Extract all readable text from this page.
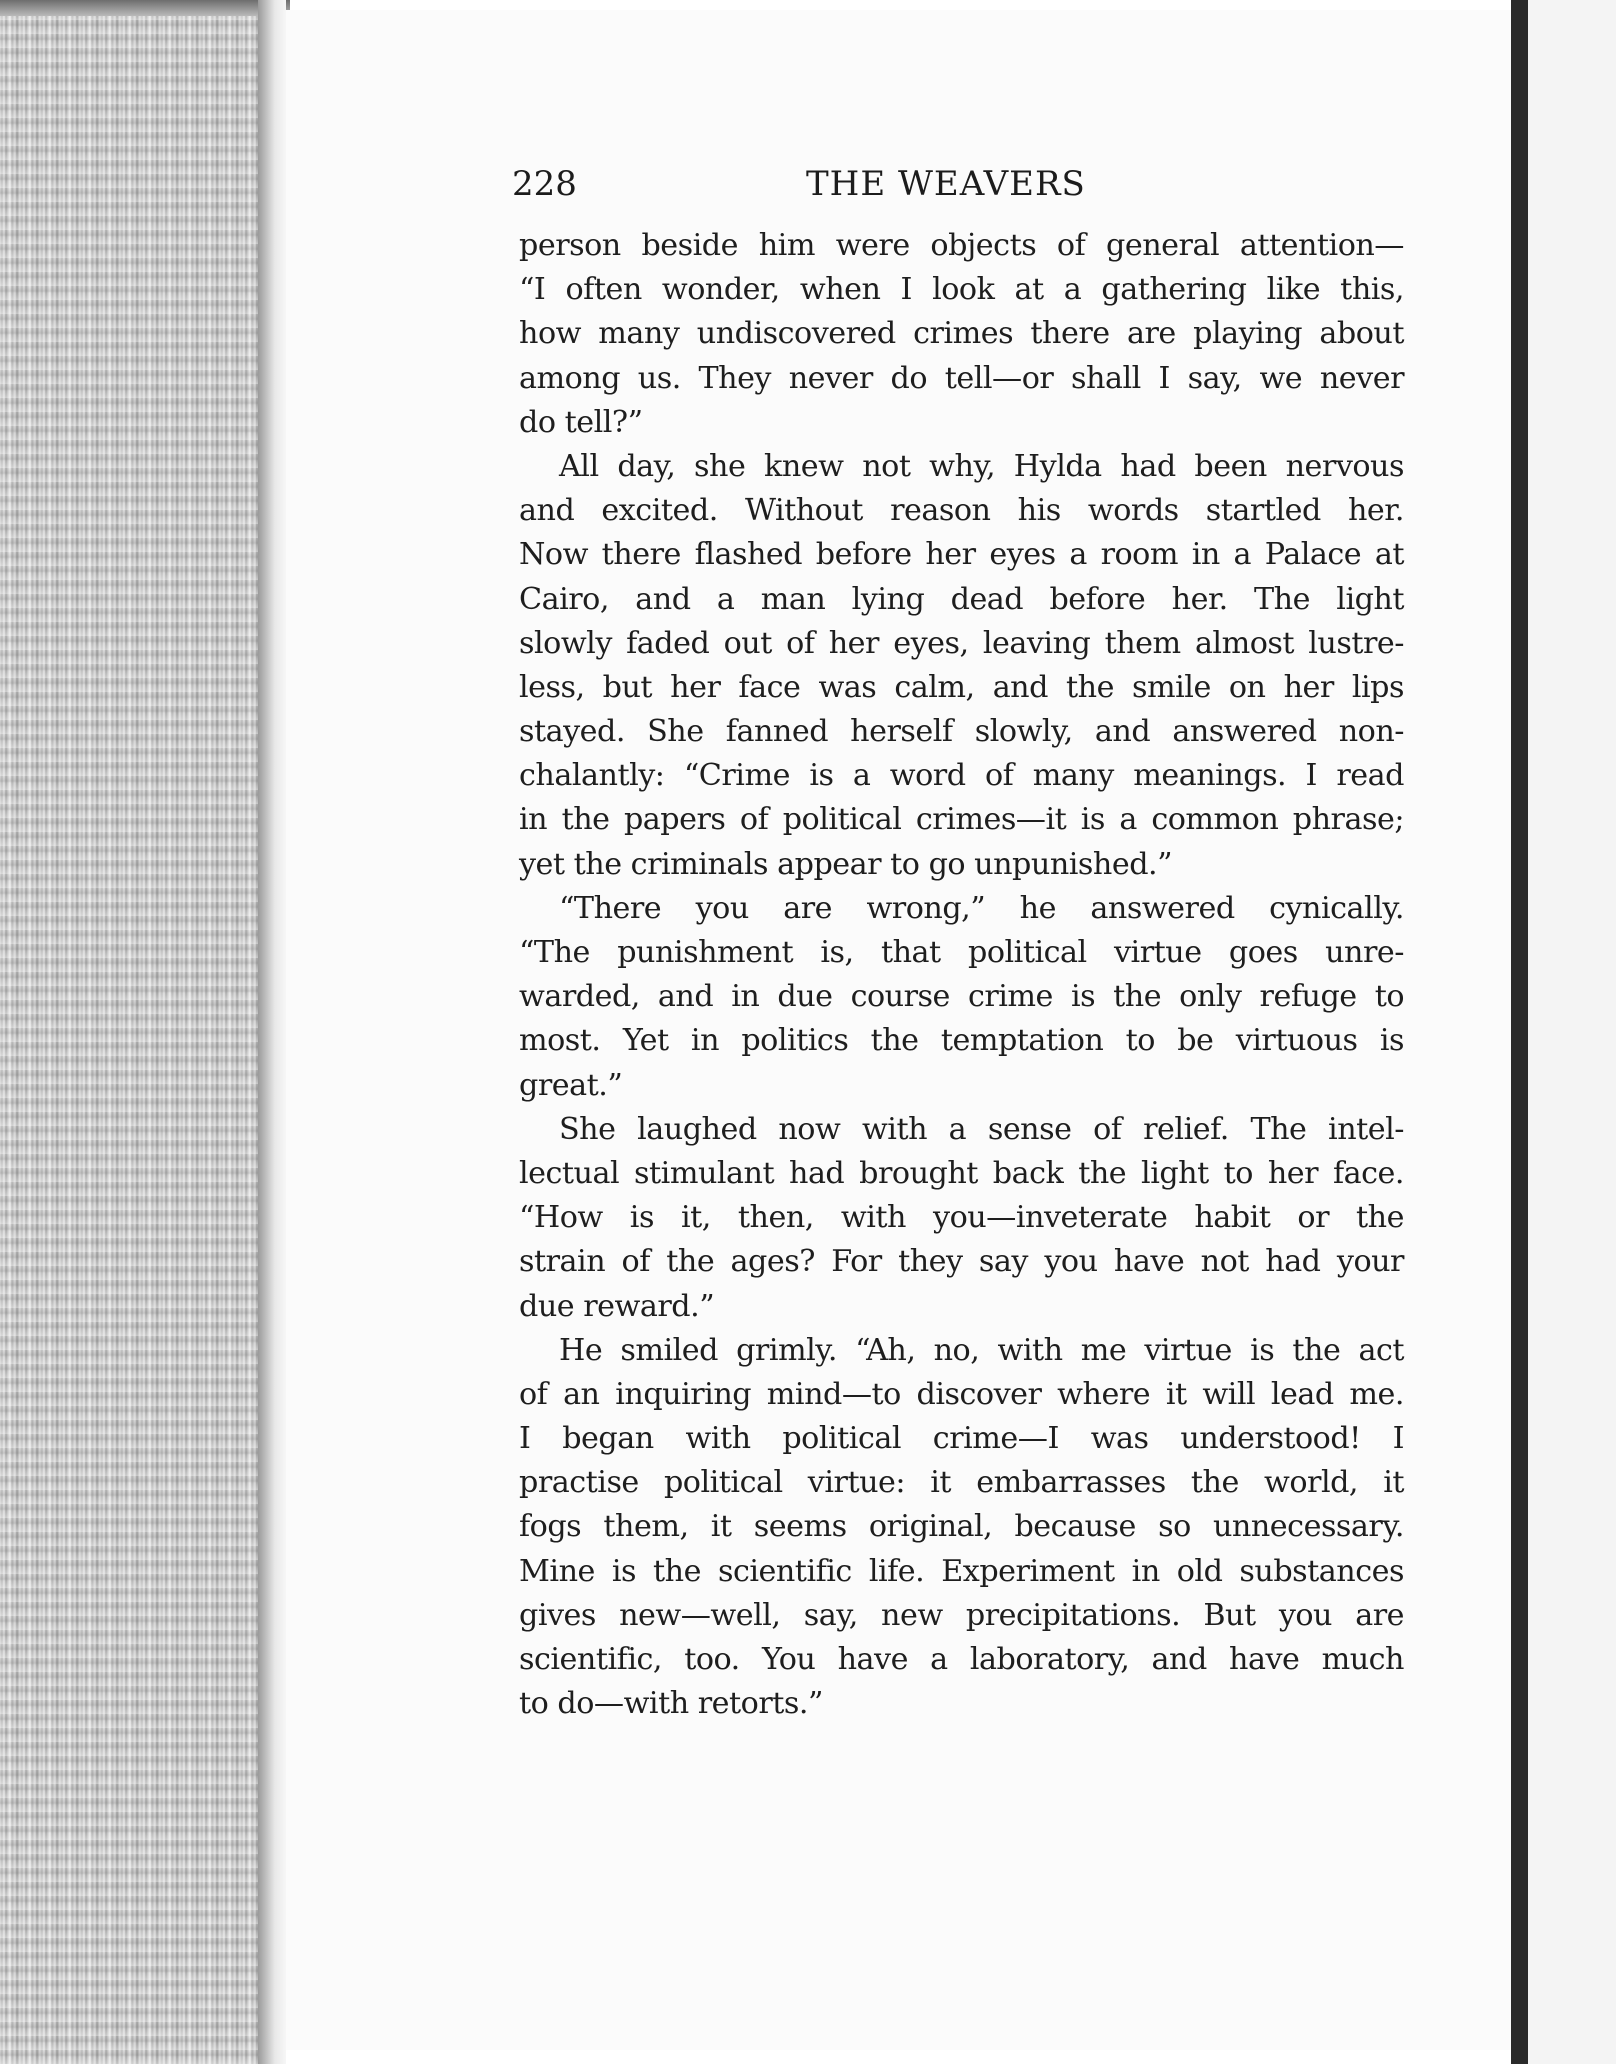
228	THE WEAVERS
person beside him were objects of general attention—
“I often wonder, when I look at a gathering like this,
how many undiscovered crimes there are playing about
among us. They never do tell—or shall I say, we never
do tell?”
All day, she knew not why, Hylda had been nervous
and excited. Without reason his words startled her.
Now there flashed before her eyes a room in a Palace at
Cairo, and a man lying dead before her. The light
slowly faded out of her eyes, leaving them almost lustre-
less, but her face was calm, and the smile on her lips
stayed. She fanned herself slowly, and answered non-
chalantly: “Crime is a word of many meanings. I read
in the papers of political crimes—it is a common phrase;
yet the criminals appear to go unpunished.”
“There you are wrong,” he answered cynically.
“The punishment is, that political virtue goes unre-
warded, and in due course crime is the only refuge to
most. Yet in politics the temptation to be virtuous is
great.”
She laughed now with a sense of relief. The intel-
lectual stimulant had brought back the light to her face.
“How is it, then, with you—inveterate habit or the
strain of the ages? For they say you have not had your
due reward.”
He smiled grimly. “Ah, no, with me virtue is the act
of an inquiring mind—to discover where it will lead me.
I began with political crime—I was understood! I
practise political virtue: it embarrasses the world, it
fogs them, it seems original, because so unnecessary.
Mine is the scientific life. Experiment in old substances
gives new—well, say, new precipitations. But you are
scientific, too. You have a laboratory, and have much
to do—with retorts.”
